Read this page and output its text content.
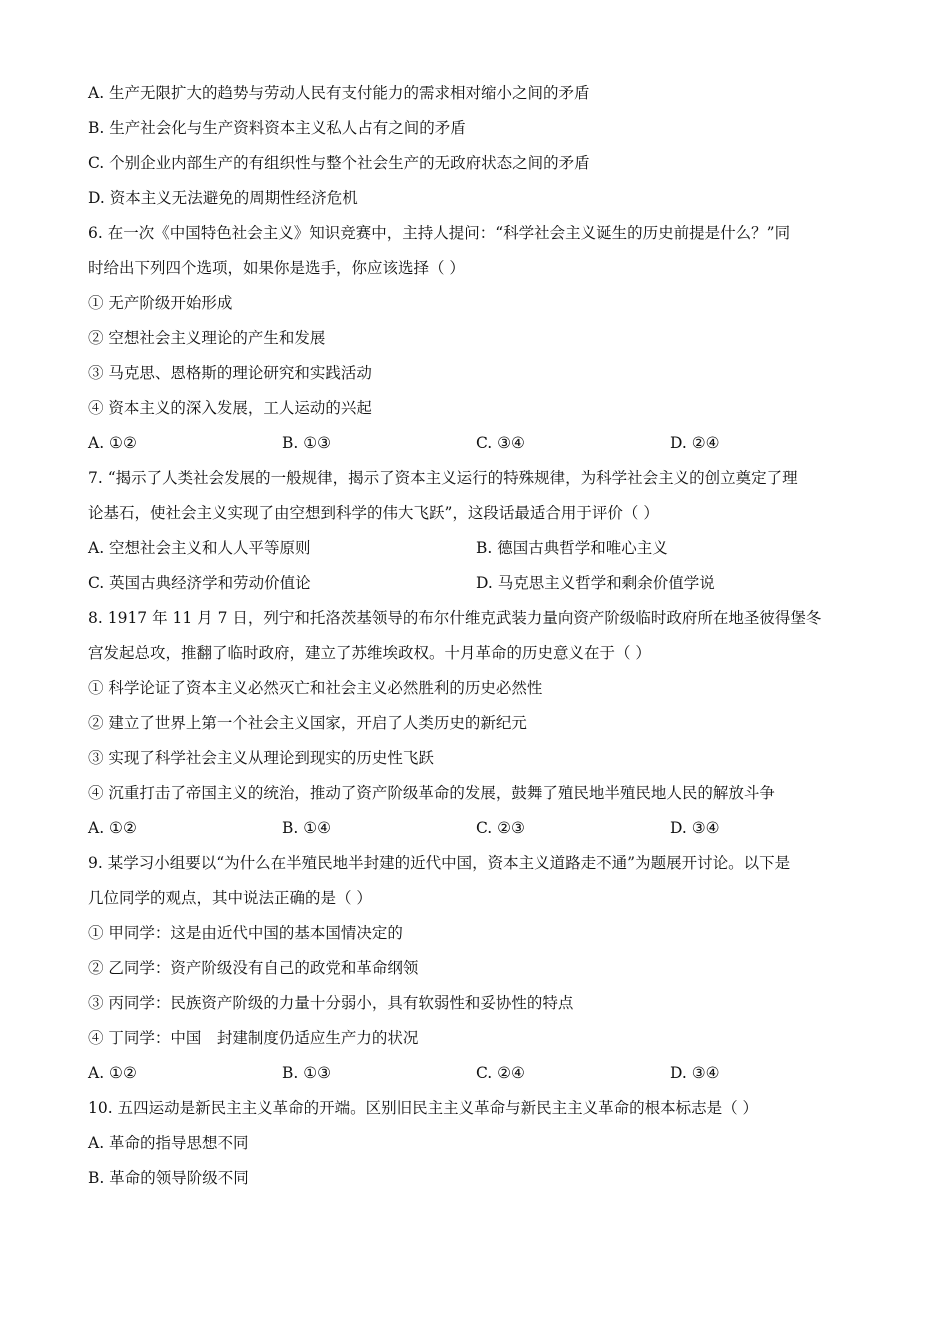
A. 生产无限扩大的趋势与劳动人民有支付能力的需求相对缩小之间的矛盾
B. 生产社会化与生产资料资本主义私人占有之间的矛盾
C. 个别企业内部生产的有组织性与整个社会生产的无政府状态之间的矛盾
D. 资本主义无法避免的周期性经济危机
6. 在一次《中国特色社会主义》知识竞赛中，主持人提问：“科学社会主义诞生的历史前提是什么？”同
时给出下列四个选项，如果你是选手，你应该选择（ ）
① 无产阶级开始形成
② 空想社会主义理论的产生和发展
③ 马克思、恩格斯的理论研究和实践活动
④ 资本主义的深入发展，工人运动的兴起
A. ①②	B. ①③	C. ③④	D. ②④
7. “揭示了人类社会发展的一般规律，揭示了资本主义运行的特殊规律，为科学社会主义的创立奠定了理
论基石，使社会主义实现了由空想到科学的伟大飞跃”，这段话最适合用于评价（ ）
A. 空想社会主义和人人平等原则	B. 德国古典哲学和唯心主义
C. 英国古典经济学和劳动价值论	D. 马克思主义哲学和剩余价值学说
8. 1917 年 11 月 7 日，列宁和托洛茨基领导的布尔什维克武装力量向资产阶级临时政府所在地圣彼得堡冬
宫发起总攻，推翻了临时政府，建立了苏维埃政权。十月革命的历史意义在于（ ）
① 科学论证了资本主义必然灭亡和社会主义必然胜利的历史必然性
② 建立了世界上第一个社会主义国家，开启了人类历史的新纪元
③ 实现了科学社会主义从理论到现实的历史性飞跃
④ 沉重打击了帝国主义的统治，推动了资产阶级革命的发展，鼓舞了殖民地半殖民地人民的解放斗争
A. ①②	B. ①④	C. ②③	D. ③④
9. 某学习小组要以“为什么在半殖民地半封建的近代中国，资本主义道路走不通”为题展开讨论。以下是
几位同学的观点，其中说法正确的是（ ）
① 甲同学：这是由近代中国的基本国情决定的
② 乙同学：资产阶级没有自己的政党和革命纲领
③ 丙同学：民族资产阶级的力量十分弱小，具有软弱性和妥协性的特点
④ 丁同学：中国　封建制度仍适应生产力的状况
A. ①②	B. ①③	C. ②④	D. ③④
10. 五四运动是新民主主义革命的开端。区别旧民主主义革命与新民主主义革命的根本标志是（ ）
A. 革命的指导思想不同
B. 革命的领导阶级不同
